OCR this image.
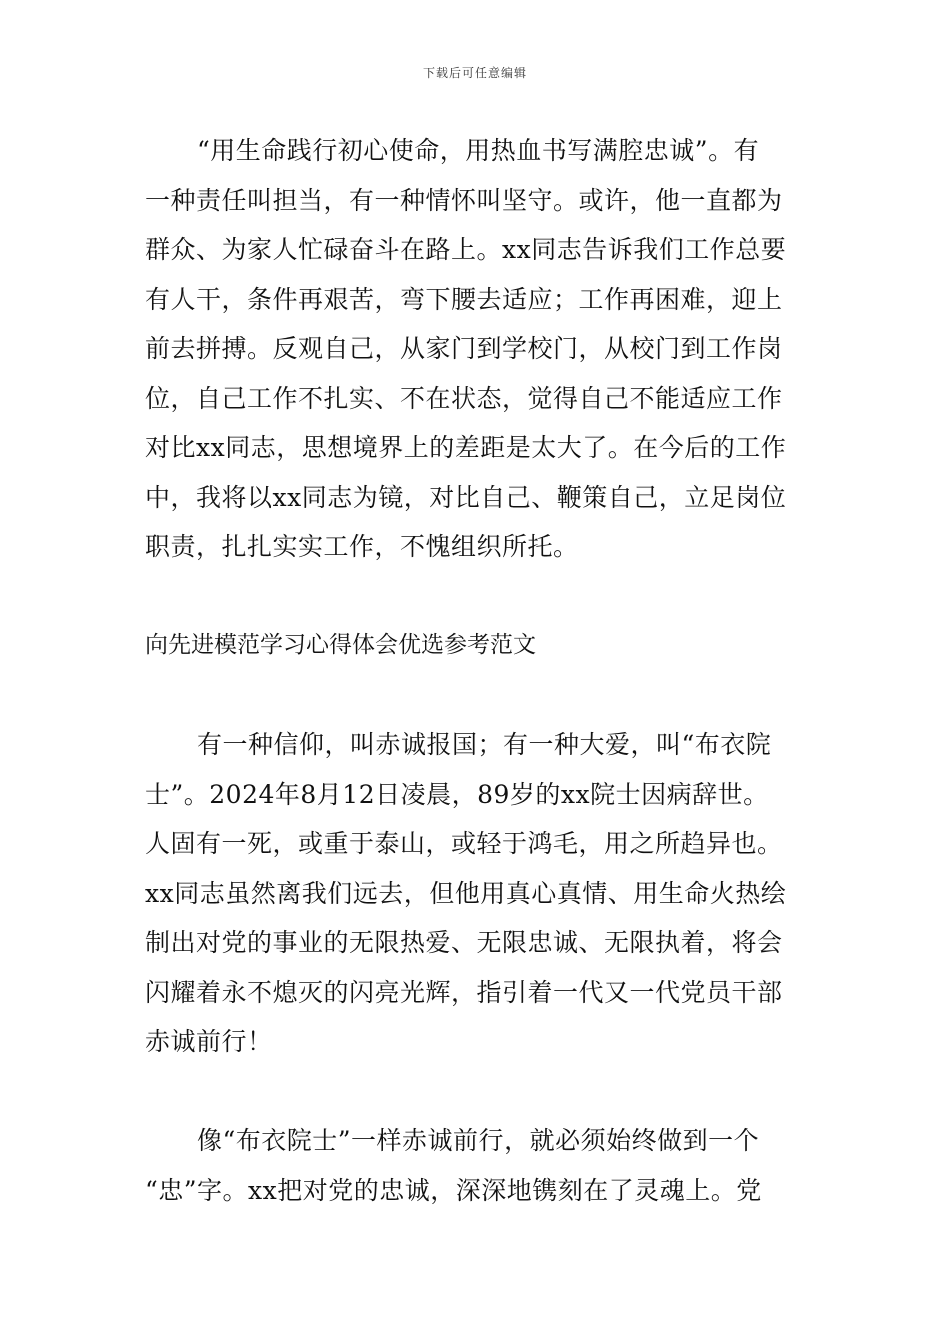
下载后可任意编辑
“用生命践行初心使命，用热血书写满腔忠诚”。有
一种责任叫担当，有一种情怀叫坚守。或许，他一直都为
群众、为家人忙碌奋斗在路上。xx同志告诉我们工作总要
有人干，条件再艰苦，弯下腰去适应；工作再困难，迎上
前去拼搏。反观自己，从家门到学校门，从校门到工作岗
位，自己工作不扎实、不在状态，觉得自己不能适应工作
对比xx同志，思想境界上的差距是太大了。在今后的工作
中，我将以xx同志为镜，对比自己、鞭策自己，立足岗位
职责，扎扎实实工作，不愧组织所托。
向先进模范学习心得体会优选参考范文
有一种信仰，叫赤诚报国；有一种大爱，叫“布衣院
士”。2024年8月12日凌晨，89岁的xx院士因病辞世。
人固有一死，或重于泰山，或轻于鸿毛，用之所趋异也。
xx同志虽然离我们远去，但他用真心真情、用生命火热绘
制出对党的事业的无限热爱、无限忠诚、无限执着，将会
闪耀着永不熄灭的闪亮光辉，指引着一代又一代党员干部
赤诚前行！
像“布衣院士”一样赤诚前行，就必须始终做到一个
“忠”字。xx把对党的忠诚，深深地镌刻在了灵魂上。党
